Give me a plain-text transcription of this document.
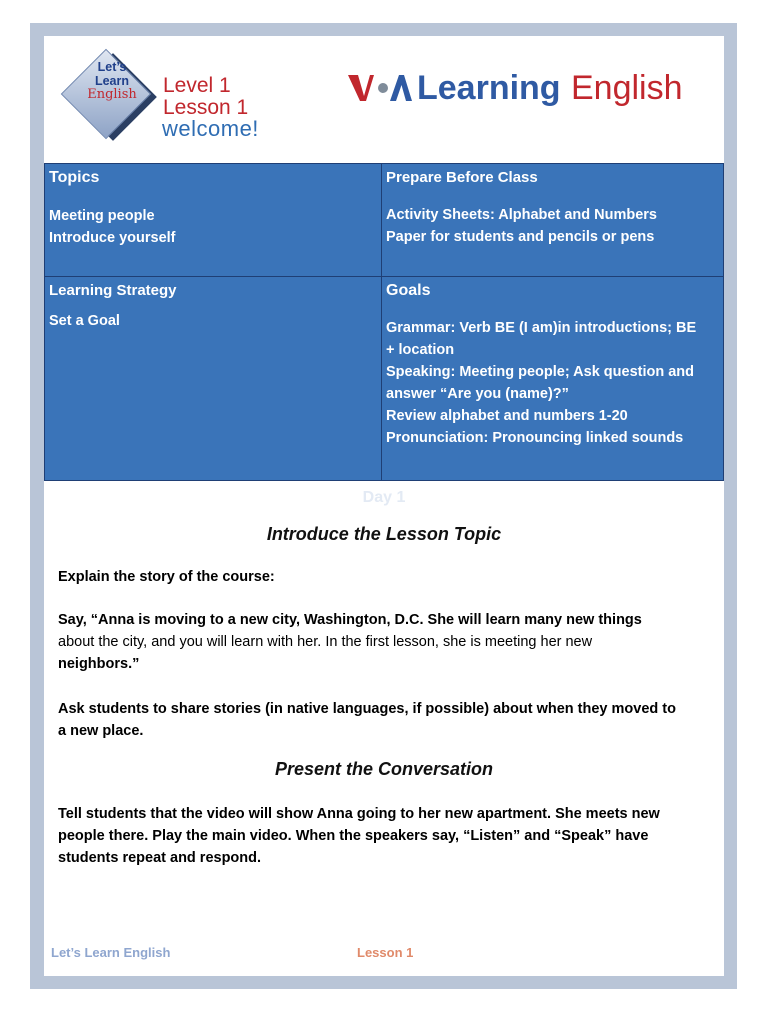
Let’s
Learn
English Level 1
Lesson 1
welcome!
Learning English
Topics
Meeting people
Introduce yourself
Prepare Before Class
Activity Sheets: Alphabet and Numbers
Paper for students and pencils or pens
Learning Strategy
Set a Goal
Goals
Grammar: Verb BE (I am)in introductions; BE
+ location
Speaking: Meeting people; Ask question and
answer “Are you (name)?”
Review alphabet and numbers 1-20
Pronunciation: Pronouncing linked sounds
Day 1
Introduce the Lesson Topic
Explain the story of the course:
Say, “Anna is moving to a new city, Washington, D.C. She will learn many new things
about the city, and you will learn with her. In the first lesson, she is meeting her new
neighbors.”
Ask students to share stories (in native languages, if possible) about when they moved to
a new place.
Present the Conversation
Tell students that the video will show Anna going to her new apartment. She meets new
people there. Play the main video. When the speakers say, “Listen” and “Speak” have
students repeat and respond.
Let’s Learn English	Lesson 1
